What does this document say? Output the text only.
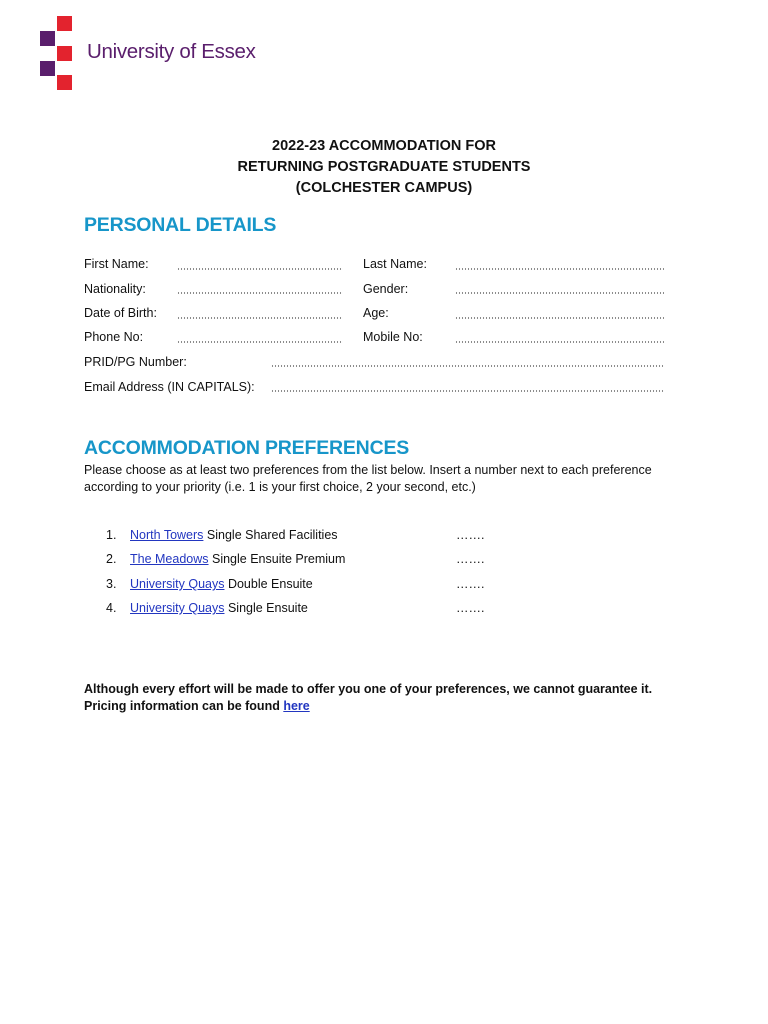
University of Essex
2022-23 ACCOMMODATION FOR
RETURNING POSTGRADUATE STUDENTS
(COLCHESTER CAMPUS)
PERSONAL DETAILS
First Name:	Last Name:
Nationality:	Gender:
Date of Birth:	Age:
Phone No:	Mobile No:
PRID/PG Number:
Email Address (IN CAPITALS):
ACCOMMODATION PREFERENCES
Please choose as at least two preferences from the list below. Insert a number next to each preference according to your priority (i.e. 1 is your first choice, 2 your second, etc.)
1. North Towers Single Shared Facilities	…….
2. The Meadows Single Ensuite Premium	…….
3. University Quays Double Ensuite	…….
4. University Quays Single Ensuite	…….
Although every effort will be made to offer you one of your preferences, we cannot guarantee it.
Pricing information can be found here
